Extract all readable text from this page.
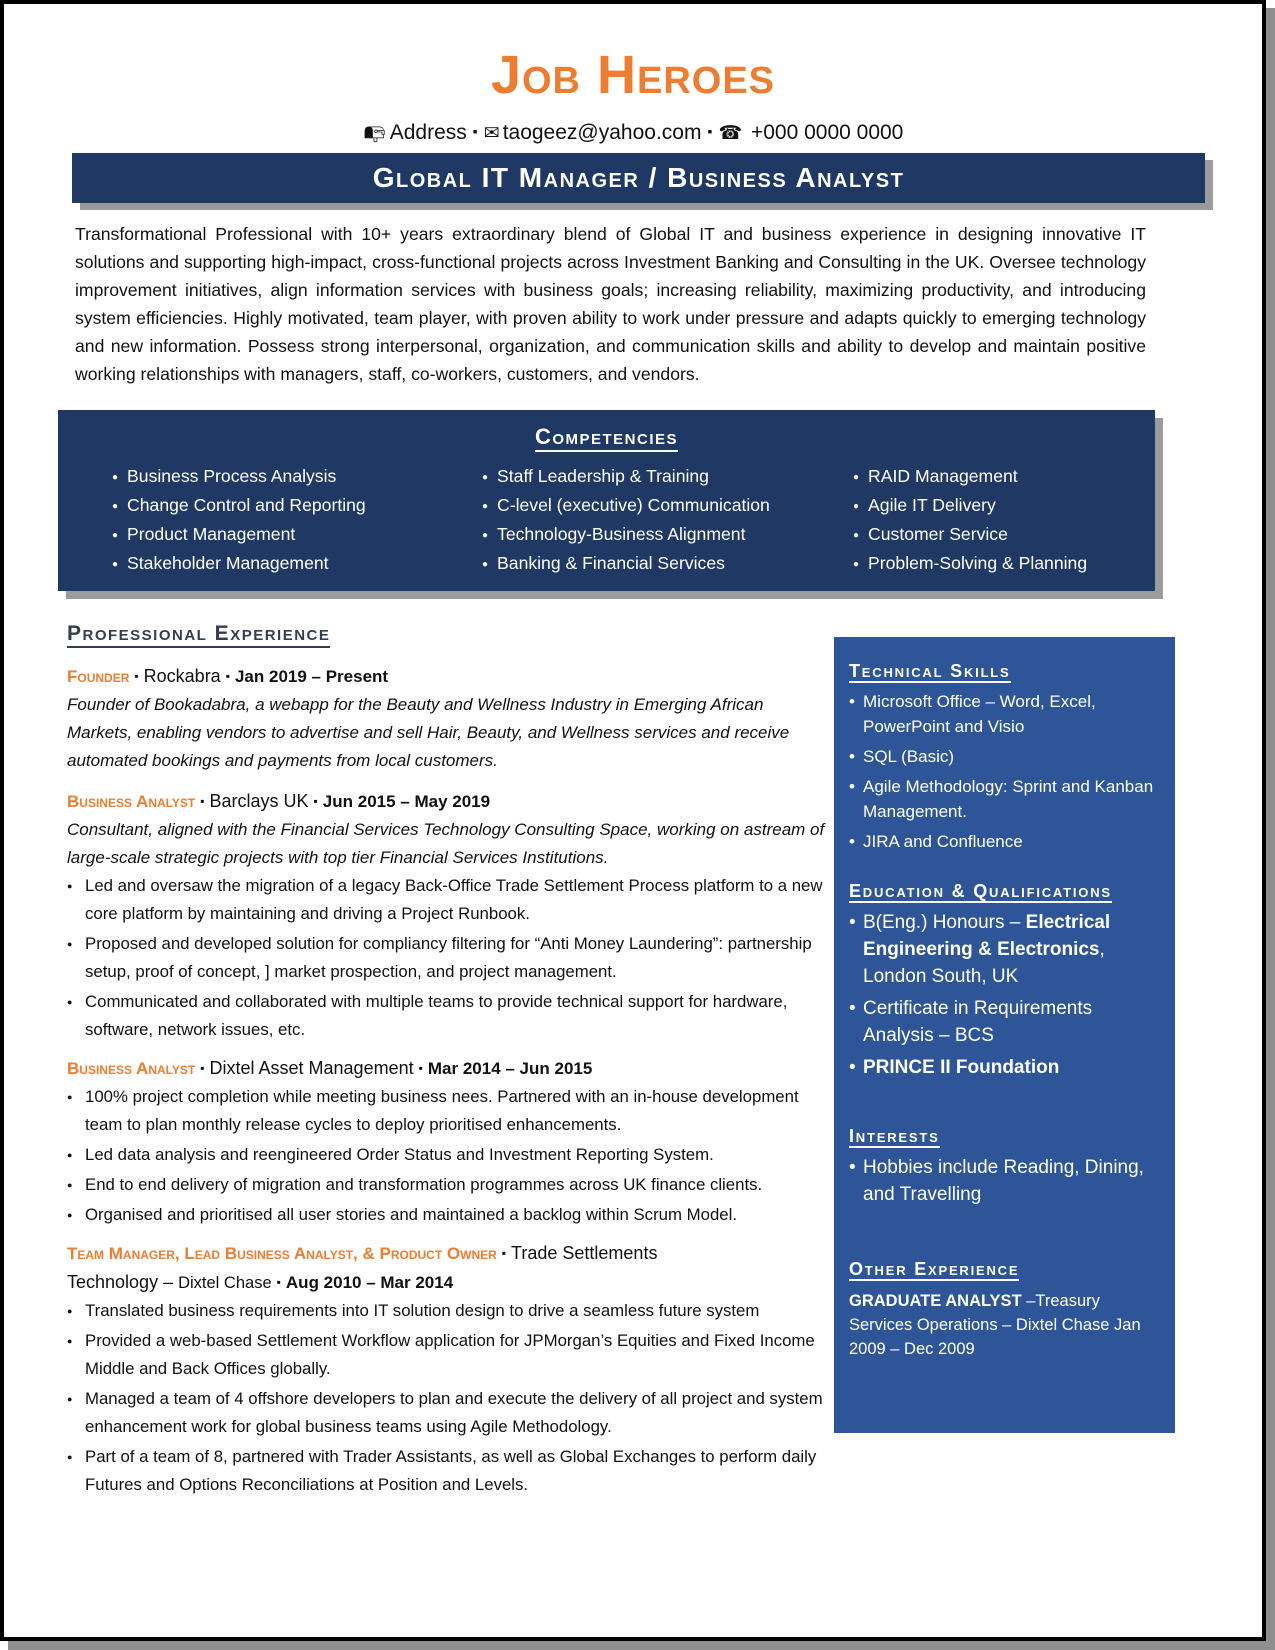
Job Heroes
📭︎ Address ▪ ✉︎ taogeez@yahoo.com ▪ ☎︎ +000 0000 0000
Global IT Manager / Business Analyst

Transformational Professional with 10+ years extraordinary blend of Global IT and business experience in designing innovative IT solutions and supporting high-impact, cross-functional projects across Investment Banking and Consulting in the UK. Oversee technology improvement initiatives, align information services with business goals; increasing reliability, maximizing productivity, and introducing system efficiencies. Highly motivated, team player, with proven ability to work under pressure and adapts quickly to emerging technology and new information. Possess strong interpersonal, organization, and communication skills and ability to develop and maintain positive working relationships with managers, staff, co-workers, customers, and vendors.

Competencies
● Business Process Analysis
● Change Control and Reporting
● Product Management
● Stakeholder Management
● Staff Leadership & Training
● C-level (executive) Communication
● Technology-Business Alignment
● Banking & Financial Services
● RAID Management
● Agile IT Delivery
● Customer Service
● Problem-Solving & Planning
Professional Experience
Founder ▪ Rockabra ▪ Jan 2019 – Present

Founder of Bookadabra, a webapp for the Beauty and Wellness Industry in Emerging African Markets, enabling vendors to advertise and sell Hair, Beauty, and Wellness services and receive automated bookings and payments from local customers.

Business Analyst ▪ Barclays UK ▪ Jun 2015 – May 2019

Consultant, aligned with the Financial Services Technology Consulting Space, working on astream of large-scale strategic projects with top tier Financial Services Institutions.

● Led and oversaw the migration of a legacy Back-Office Trade Settlement Process platform to a new core platform by maintaining and driving a Project Runbook.
● Proposed and developed solution for compliancy filtering for “Anti Money Laundering”: partnership setup, proof of concept, ] market prospection, and project management.
● Communicated and collaborated with multiple teams to provide technical support for hardware, software, network issues, etc.
Business Analyst ▪ Dixtel Asset Management ▪ Mar 2014 – Jun 2015
● 100% project completion while meeting business nees. Partnered with an in-house development team to plan monthly release cycles to deploy prioritised enhancements.
● Led data analysis and reengineered Order Status and Investment Reporting System.
● End to end delivery of migration and transformation programmes across UK finance clients.
● Organised and prioritised all user stories and maintained a backlog within Scrum Model.
Team Manager, Lead Business Analyst, & Product Owner ▪ Trade Settlements
Technology – Dixtel Chase ▪ Aug 2010 – Mar 2014
● Translated business requirements into IT solution design to drive a seamless future system
● Provided a web-based Settlement Workflow application for JPMorgan’s Equities and Fixed Income Middle and Back Offices globally.
● Managed a team of 4 offshore developers to plan and execute the delivery of all project and system enhancement work for global business teams using Agile Methodology.
● Part of a team of 8, partnered with Trader Assistants, as well as Global Exchanges to perform daily Futures and Options Reconciliations at Position and Levels.
Technical Skills
• Microsoft Office – Word, Excel, PowerPoint and Visio
• SQL (Basic)
• Agile Methodology: Sprint and Kanban Management.
• JIRA and Confluence
Education & Qualifications
• B(Eng.) Honours – Electrical Engineering & Electronics, London South, UK
• Certificate in Requirements Analysis – BCS
• PRINCE II Foundation
Interests
• Hobbies include Reading, Dining, and Travelling
Other Experience

GRADUATE ANALYST –Treasury Services Operations – Dixtel Chase Jan 2009 – Dec 2009
